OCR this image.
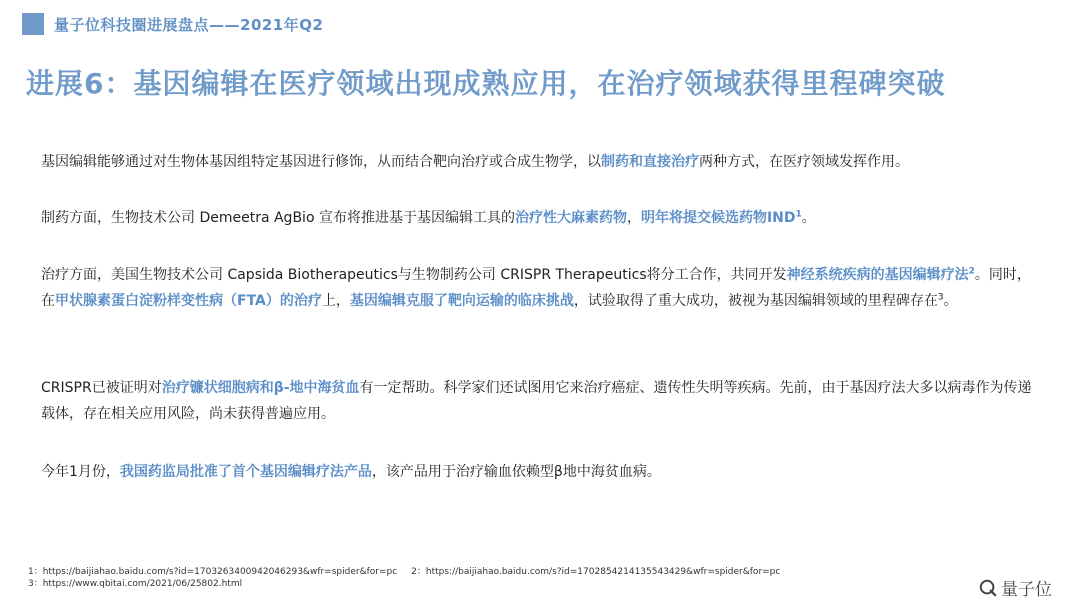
量子位科技圈进展盘点——2021年Q2
进展6：基因编辑在医疗领域出现成熟应用，在治疗领域获得里程碑突破

基因编辑能够通过对生物体基因组特定基因进行修饰，从而结合靶向治疗或合成生物学，以制药和直接治疗两种方式，在医疗领域发挥作用。

制药方面，生物技术公司 Demeetra AgBio 宣布将推进基于基因编辑工具的治疗性大麻素药物，明年将提交候选药物IND$^1$。

治疗方面，美国生物技术公司 Capsida Biotherapeutics与生物制药公司 CRISPR Therapeutics将分工合作，共同开发神经系统疾病的基因编辑疗法$^2$。同时，在甲状腺素蛋白淀粉样变性病（FTA）的治疗上，基因编辑克服了靶向运输的临床挑战，试验取得了重大成功，被视为基因编辑领域的里程碑存在$^3$。

CRISPR已被证明对治疗镰状细胞病和β-地中海贫血有一定帮助。科学家们还试图用它来治疗癌症、遗传性失明等疾病。先前，由于基因疗法大多以病毒作为传递载体，存在相关应用风险，尚未获得普遍应用。

今年1月份，我国药监局批准了首个基因编辑疗法产品，该产品用于治疗输血依赖型β地中海贫血病。

1：https://baijiahao.baidu.com/s?id=1703263400942046293&wfr=spider&for=pc 2：https://baijiahao.baidu.com/s?id=1702854214135543429&wfr=spider&for=pc
3：https://www.qbitai.com/2021/06/25802.html	量子位
